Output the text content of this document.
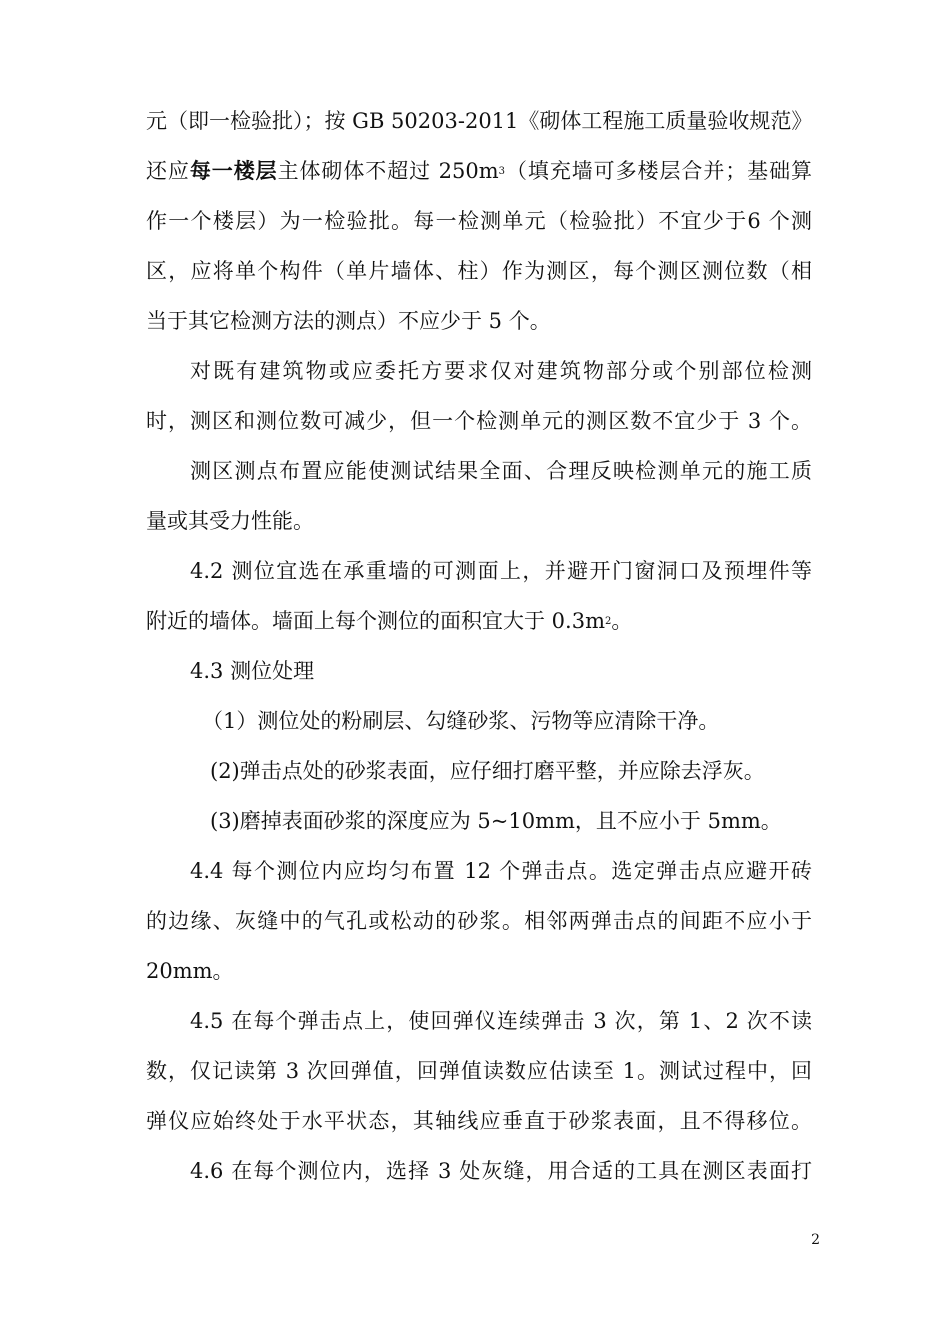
元（即一检验批）；按 GB 50203-2011《砌体工程施工质量验收规范》
还应每一楼层主体砌体不超过 $250m^3$（填充墙可多楼层合并；基础算
作一个楼层）为一检验批。每一检测单元（检验批）不宜少于6 个测
区，应将单个构件（单片墙体、柱）作为测区，每个测区测位数（相
当于其它检测方法的测点）不应少于 5 个。
对既有建筑物或应委托方要求仅对建筑物部分或个别部位检测
时，测区和测位数可减少，但一个检测单元的测区数不宜少于 3 个。
测区测点布置应能使测试结果全面、合理反映检测单元的施工质
量或其受力性能。
4.2 测位宜选在承重墙的可测面上，并避开门窗洞口及预埋件等
附近的墙体。墙面上每个测位的面积宜大于 $0.3m^2$。
4.3 测位处理
（1）测位处的粉刷层、勾缝砂浆、污物等应清除干净。
(2)弹击点处的砂浆表面，应仔细打磨平整，并应除去浮灰。
(3)磨掉表面砂浆的深度应为 5~10mm，且不应小于 5mm。
4.4 每个测位内应均匀布置 12 个弹击点。选定弹击点应避开砖
的边缘、灰缝中的气孔或松动的砂浆。相邻两弹击点的间距不应小于
20mm。
4.5 在每个弹击点上，使回弹仪连续弹击 3 次，第 1、2 次不读
数，仅记读第 3 次回弹值，回弹值读数应估读至 1。测试过程中，回
弹仪应始终处于水平状态，其轴线应垂直于砂浆表面，且不得移位。
4.6 在每个测位内，选择 3 处灰缝，用合适的工具在测区表面打
2
